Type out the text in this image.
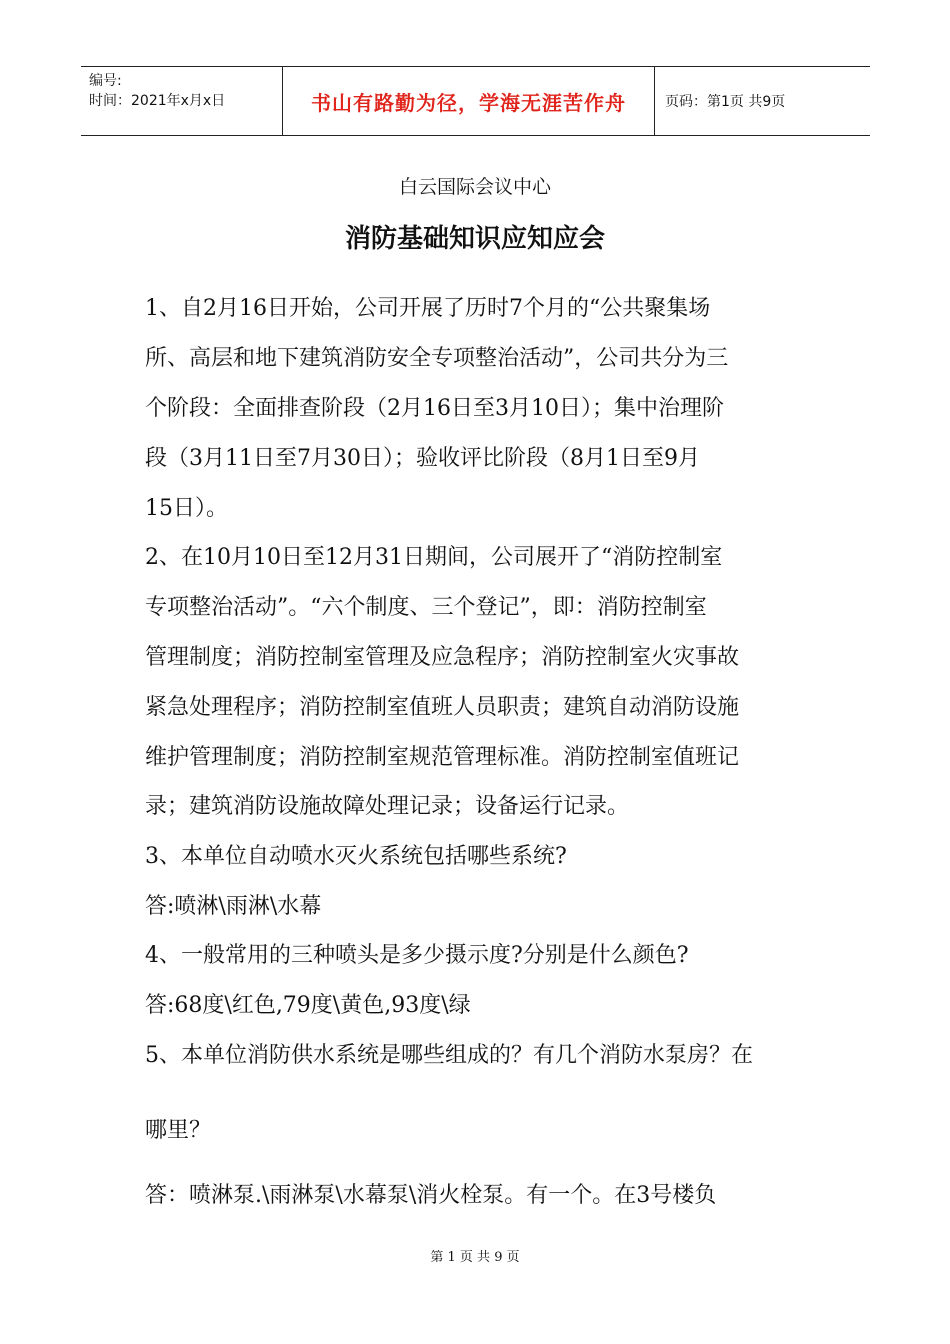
编号:
时间：2021年x月x日	书山有路勤为径，学海无涯苦作舟	页码：第1页 共9页
白云国际会议中心
消防基础知识应知应会
1、自2月16日开始，公司开展了历时7个月的“公共聚集场
所、高层和地下建筑消防安全专项整治活动”，公司共分为三
个阶段：全面排查阶段（2月16日至3月10日）；集中治理阶
段（3月11日至7月30日）；验收评比阶段（8月1日至9月
15日）。
2、在10月10日至12月31日期间，公司展开了“消防控制室
专项整治活动”。“六个制度、三个登记”，即：消防控制室
管理制度；消防控制室管理及应急程序；消防控制室火灾事故
紧急处理程序；消防控制室值班人员职责；建筑自动消防设施
维护管理制度；消防控制室规范管理标准。消防控制室值班记
录；建筑消防设施故障处理记录；设备运行记录。
3、本单位自动喷水灭火系统包括哪些系统?
答:喷淋\雨淋\水幕
4、一般常用的三种喷头是多少摄示度?分别是什么颜色?
答:68度\红色,79度\黄色,93度\绿
5、本单位消防供水系统是哪些组成的？有几个消防水泵房？在
哪里？
答：喷淋泵.\雨淋泵\水幕泵\消火栓泵。有一个。在3号楼负
第 1 页 共 9 页
